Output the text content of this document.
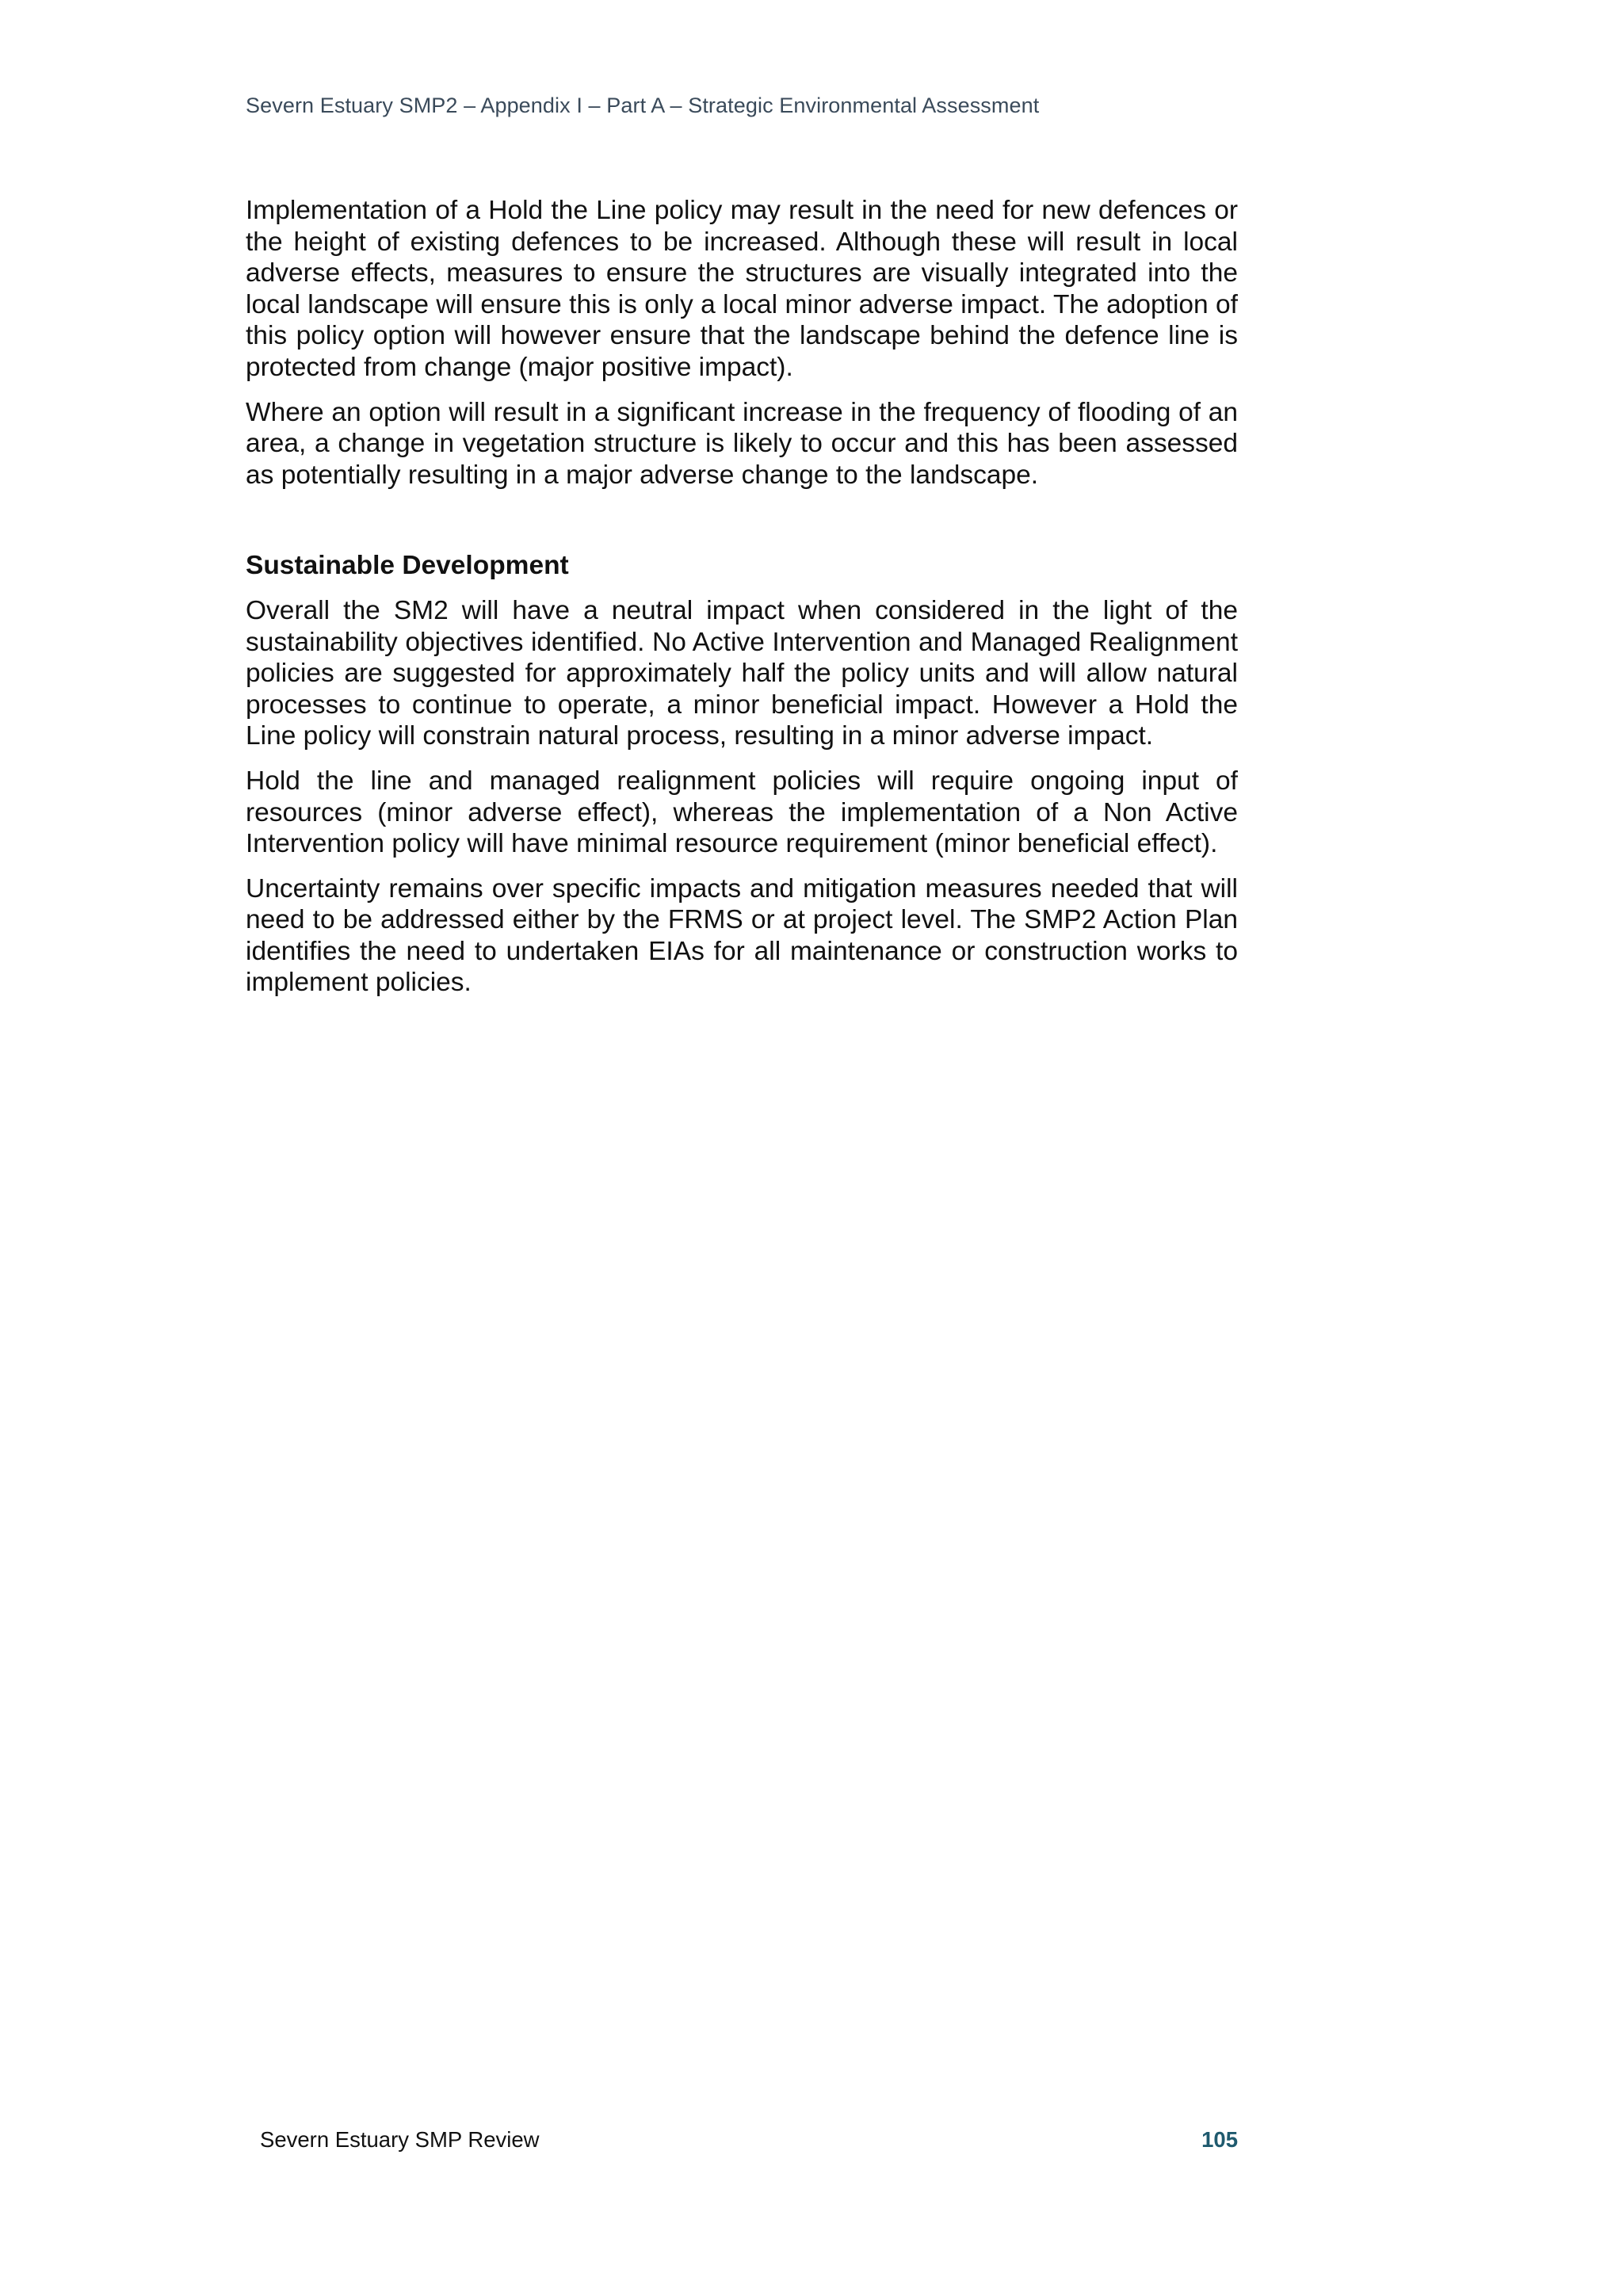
Severn Estuary SMP2 – Appendix I – Part A – Strategic Environmental Assessment

Implementation of a Hold the Line policy may result in the need for new defences or the height of existing defences to be increased. Although these will result in local adverse effects, measures to ensure the structures are visually integrated into the local landscape will ensure this is only a local minor adverse impact. The adoption of this policy option will however ensure that the landscape behind the defence line is protected from change (major positive impact).

Where an option will result in a significant increase in the frequency of flooding of an area, a change in vegetation structure is likely to occur and this has been assessed as potentially resulting in a major adverse change to the landscape.

Sustainable Development

Overall the SM2 will have a neutral impact when considered in the light of the sustainability objectives identified. No Active Intervention and Managed Realignment policies are suggested for approximately half the policy units and will allow natural processes to continue to operate, a minor beneficial impact. However a Hold the Line policy will constrain natural process, resulting in a minor adverse impact.

Hold the line and managed realignment policies will require ongoing input of resources (minor adverse effect), whereas the implementation of a Non Active Intervention policy will have minimal resource requirement (minor beneficial effect).

Uncertainty remains over specific impacts and mitigation measures needed that will need to be addressed either by the FRMS or at project level. The SMP2 Action Plan identifies the need to undertaken EIAs for all maintenance or construction works to implement policies.

Severn Estuary SMP Review	105
